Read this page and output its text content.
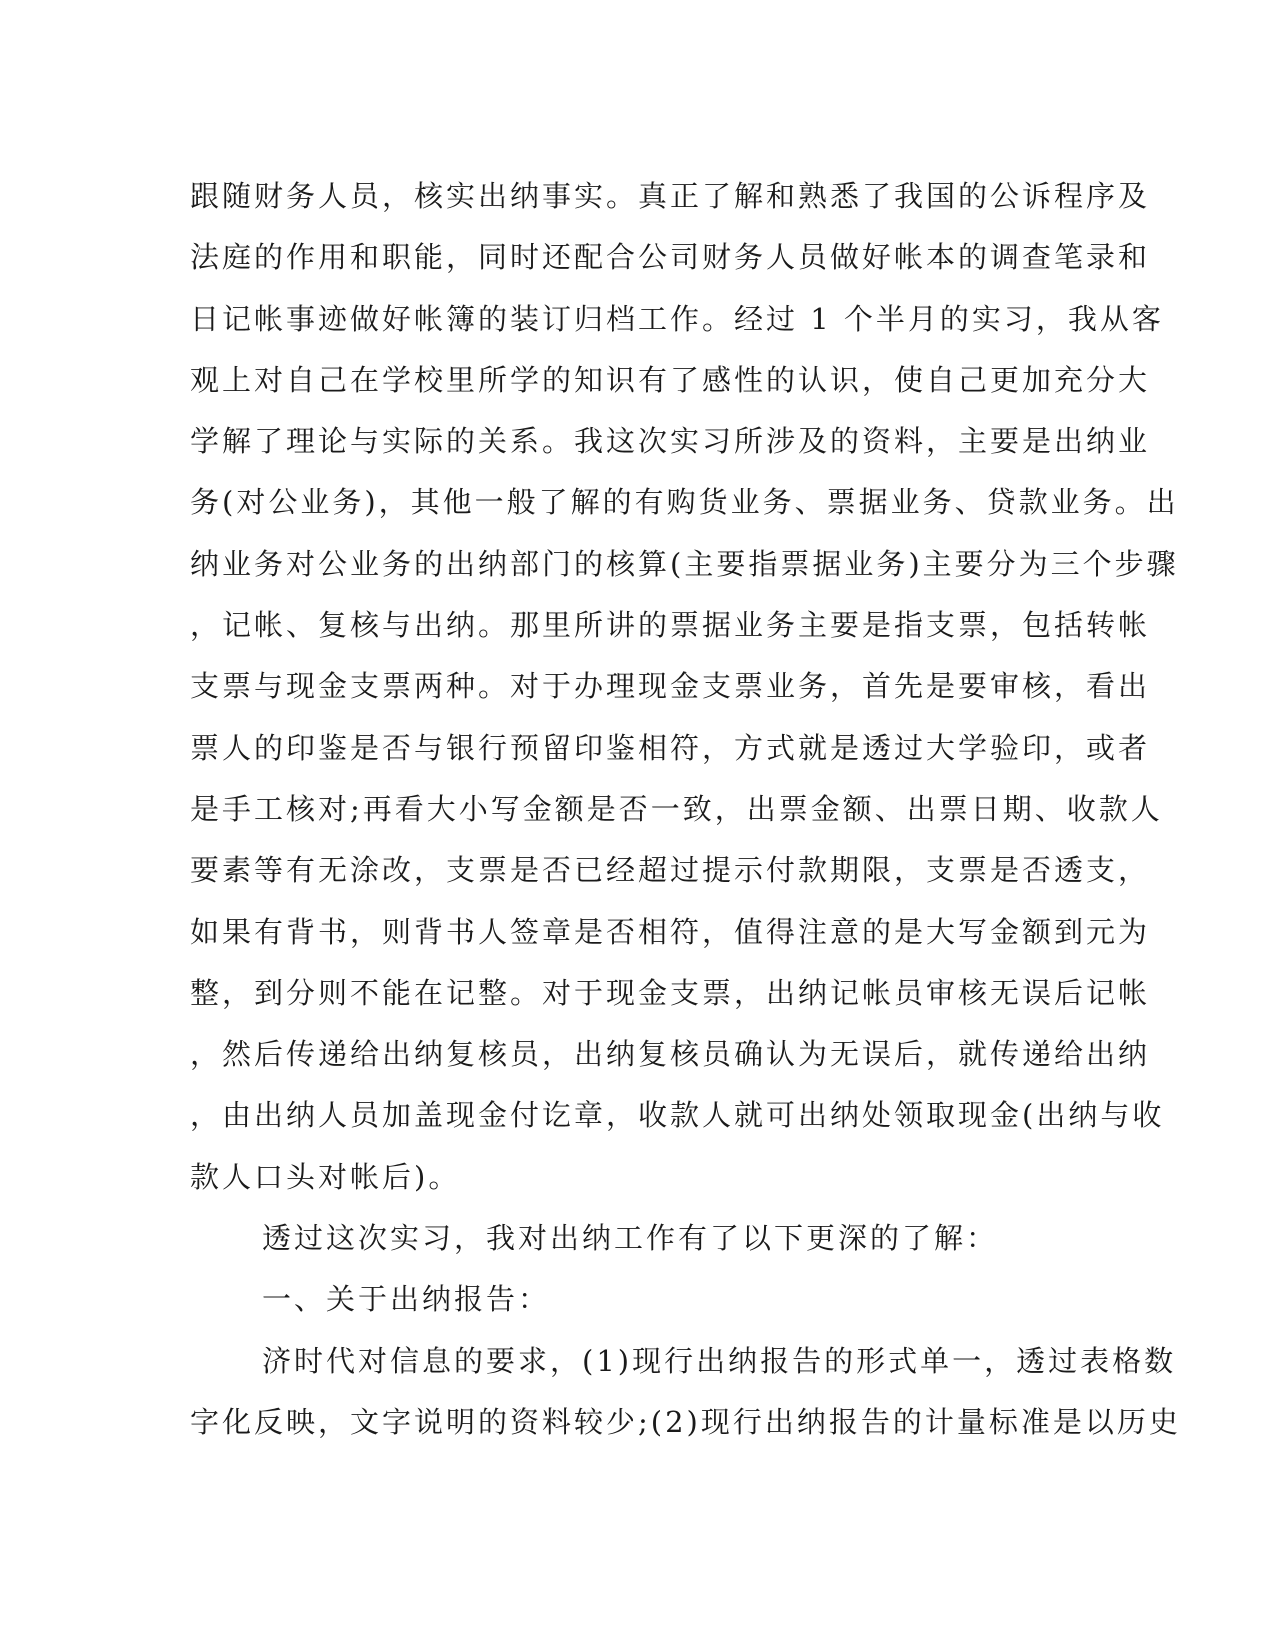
跟随财务人员，核实出纳事实。真正了解和熟悉了我国的公诉程序及
法庭的作用和职能，同时还配合公司财务人员做好帐本的调查笔录和
日记帐事迹做好帐簿的装订归档工作。经过 1 个半月的实习，我从客
观上对自己在学校里所学的知识有了感性的认识，使自己更加充分大
学解了理论与实际的关系。我这次实习所涉及的资料，主要是出纳业
务(对公业务)，其他一般了解的有购货业务、票据业务、贷款业务。出
纳业务对公业务的出纳部门的核算(主要指票据业务)主要分为三个步骤
，记帐、复核与出纳。那里所讲的票据业务主要是指支票，包括转帐
支票与现金支票两种。对于办理现金支票业务，首先是要审核，看出
票人的印鉴是否与银行预留印鉴相符，方式就是透过大学验印，或者
是手工核对;再看大小写金额是否一致，出票金额、出票日期、收款人
要素等有无涂改，支票是否已经超过提示付款期限，支票是否透支，
如果有背书，则背书人签章是否相符，值得注意的是大写金额到元为
整，到分则不能在记整。对于现金支票，出纳记帐员审核无误后记帐
，然后传递给出纳复核员，出纳复核员确认为无误后，就传递给出纳
，由出纳人员加盖现金付讫章，收款人就可出纳处领取现金(出纳与收
款人口头对帐后)。
透过这次实习，我对出纳工作有了以下更深的了解：
一、关于出纳报告：
济时代对信息的要求，(1)现行出纳报告的形式单一，透过表格数
字化反映，文字说明的资料较少;(2)现行出纳报告的计量标准是以历史
